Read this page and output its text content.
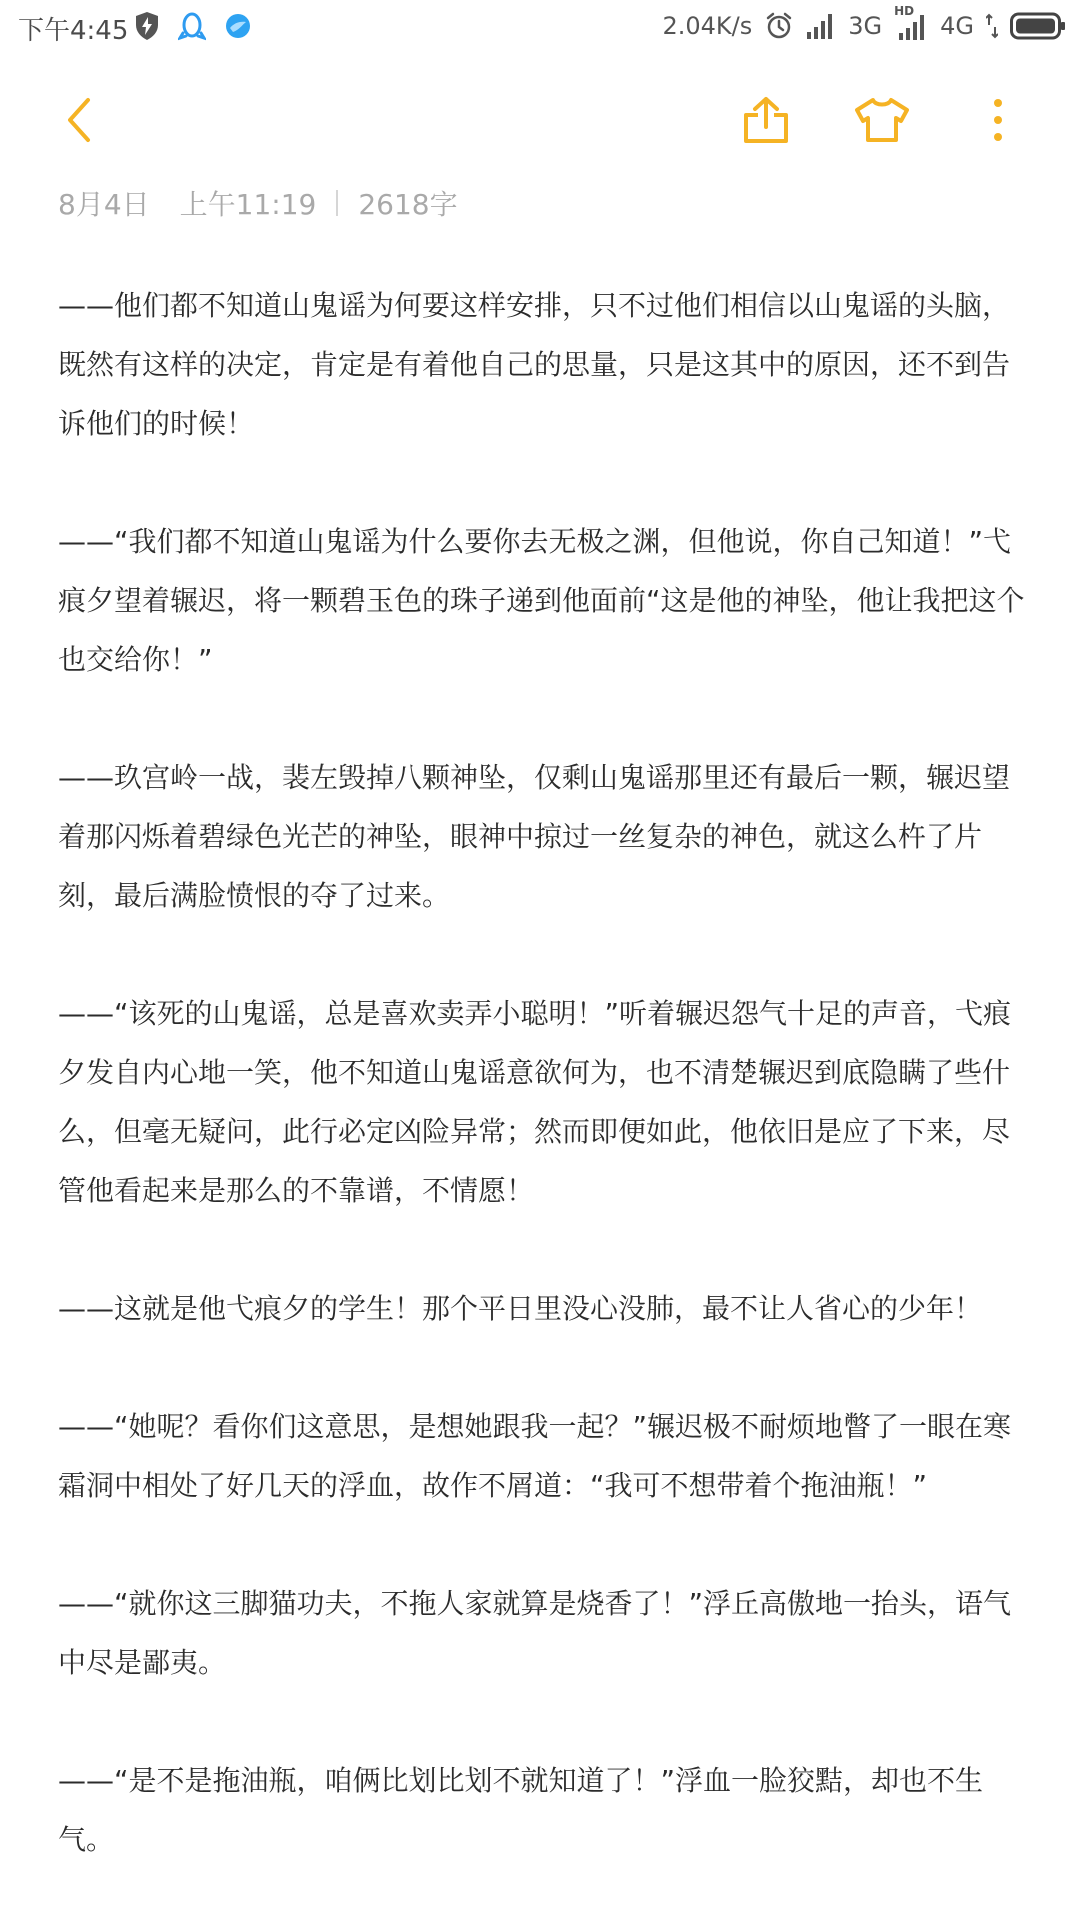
下午4:45	2.04K/s	3G
HD
4G
8月4日 上午11:19 2618字

——他们都不知道山鬼谣为何要这样安排，只不过他们相信以山鬼谣的头脑，既然有这样的决定，肯定是有着他自己的思量，只是这其中的原因，还不到告诉他们的时候！

——“我们都不知道山鬼谣为什么要你去无极之渊，但他说，你自己知道！”弋痕夕望着辗迟，将一颗碧玉色的珠子递到他面前“这是他的神坠，他让我把这个也交给你！”

——玖宫岭一战，裴左毁掉八颗神坠，仅剩山鬼谣那里还有最后一颗，辗迟望着那闪烁着碧绿色光芒的神坠，眼神中掠过一丝复杂的神色，就这么杵了片刻，最后满脸愤恨的夺了过来。

——“该死的山鬼谣，总是喜欢卖弄小聪明！”听着辗迟怨气十足的声音，弋痕夕发自内心地一笑，他不知道山鬼谣意欲何为，也不清楚辗迟到底隐瞒了些什么，但毫无疑问，此行必定凶险异常；然而即便如此，他依旧是应了下来，尽管他看起来是那么的不靠谱，不情愿！

——这就是他弋痕夕的学生！那个平日里没心没肺，最不让人省心的少年！

——“她呢？看你们这意思，是想她跟我一起？”辗迟极不耐烦地瞥了一眼在寒霜洞中相处了好几天的浮血，故作不屑道：“我可不想带着个拖油瓶！”

——“就你这三脚猫功夫，不拖人家就算是烧香了！”浮丘高傲地一抬头，语气中尽是鄙夷。

——“是不是拖油瓶，咱俩比划比划不就知道了！”浮血一脸狡黠，却也不生气。
